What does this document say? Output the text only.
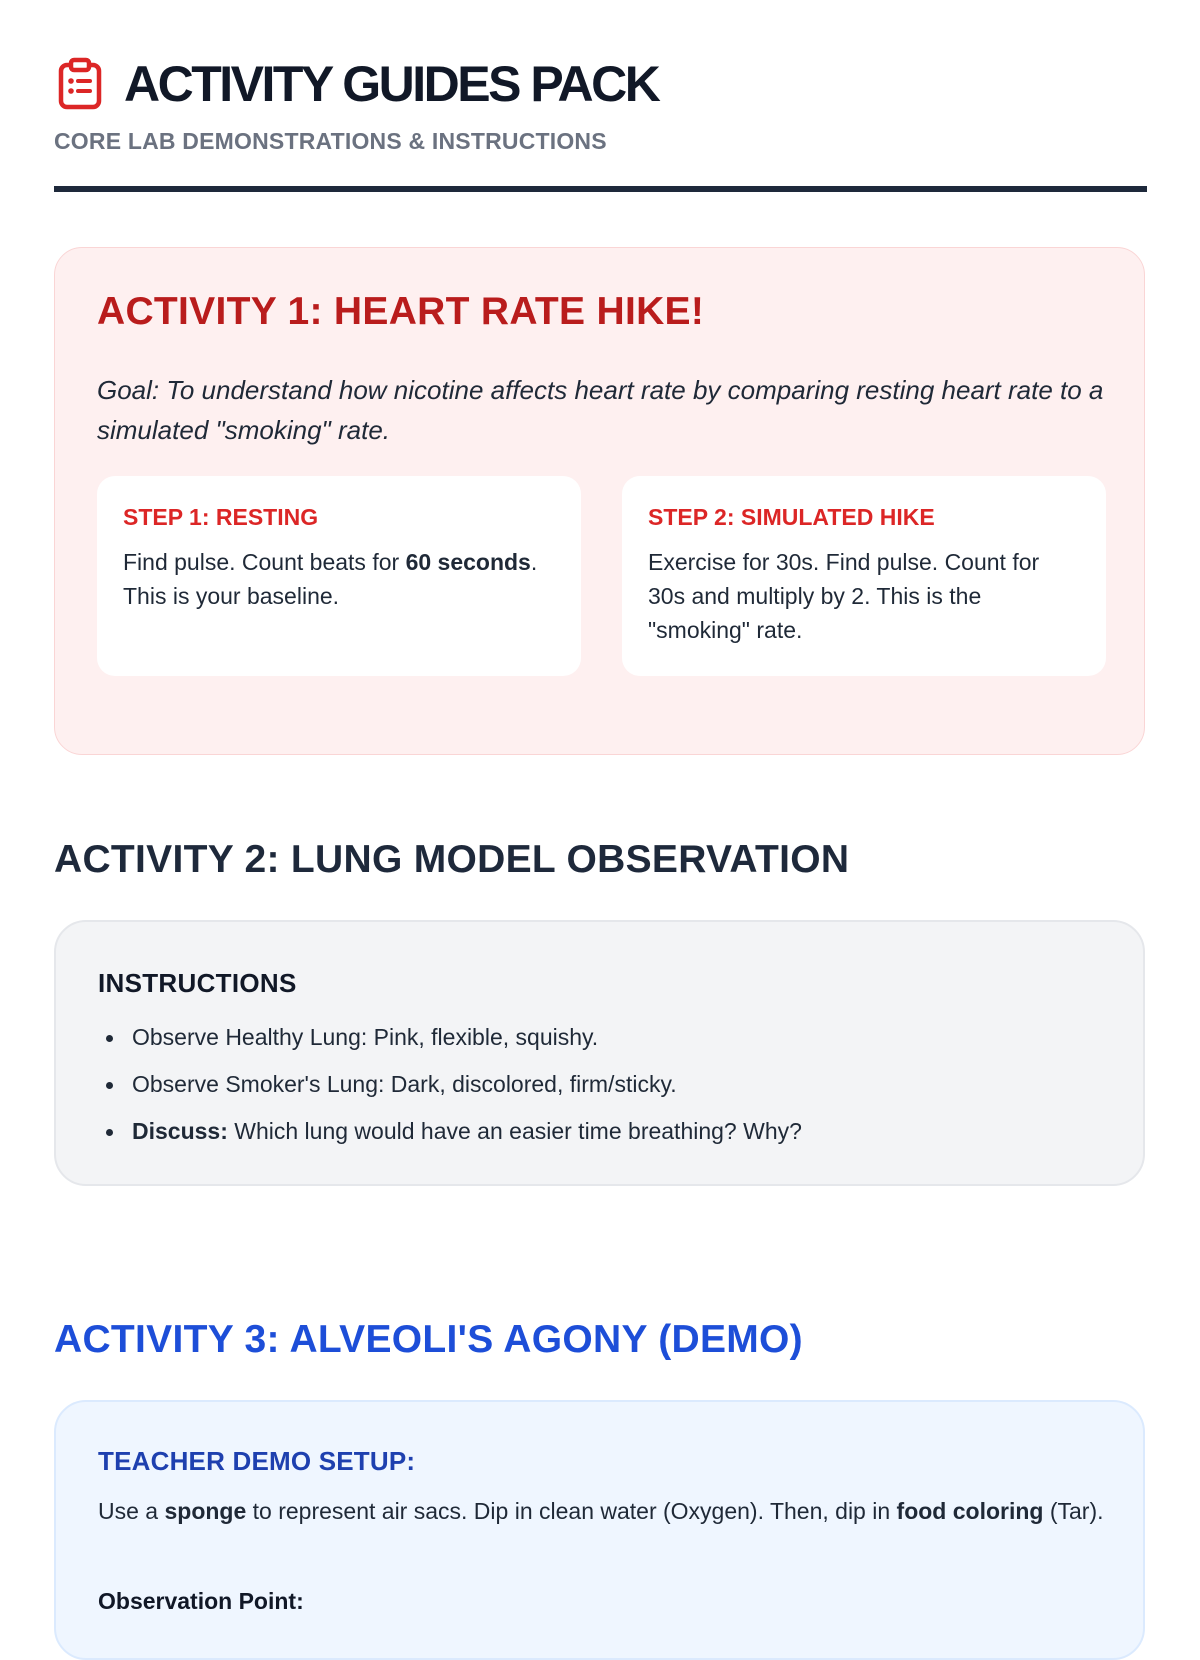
ACTIVITY GUIDES PACK
CORE LAB DEMONSTRATIONS & INSTRUCTIONS
ACTIVITY 1: HEART RATE HIKE!
Goal: To understand how nicotine affects heart rate by comparing resting heart rate to a simulated "smoking" rate.
STEP 1: RESTING
Find pulse. Count beats for 60 seconds. This is your baseline.
STEP 2: SIMULATED HIKE
Exercise for 30s. Find pulse. Count for 30s and multiply by 2. This is the "smoking" rate.
ACTIVITY 2: LUNG MODEL OBSERVATION
INSTRUCTIONS
Observe Healthy Lung: Pink, flexible, squishy.
Observe Smoker's Lung: Dark, discolored, firm/sticky.
Discuss: Which lung would have an easier time breathing? Why?
ACTIVITY 3: ALVEOLI'S AGONY (DEMO)
TEACHER DEMO SETUP:
Use a sponge to represent air sacs. Dip in clean water (Oxygen). Then, dip in food coloring (Tar).
Observation Point:
